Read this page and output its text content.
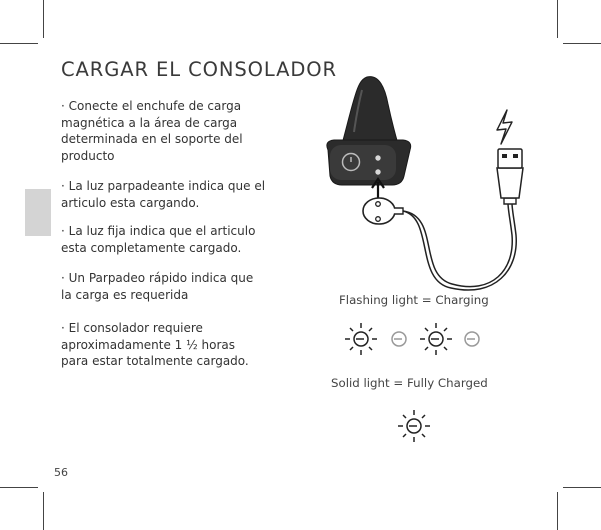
CARGAR EL CONSOLADOR

· Conecte el enchufe de carga magnética a la área de carga determinada en el soporte del producto

· La luz parpadeante indica que el articulo esta cargando.

· La luz fija indica que el articulo esta completamente cargado.

· Un Parpadeo rápido indica que la carga es requerida

· El consolador requiere aproximadamente 1 ½ horas para estar totalmente cargado.

Flashing light = Charging
Solid light = Fully Charged
56
